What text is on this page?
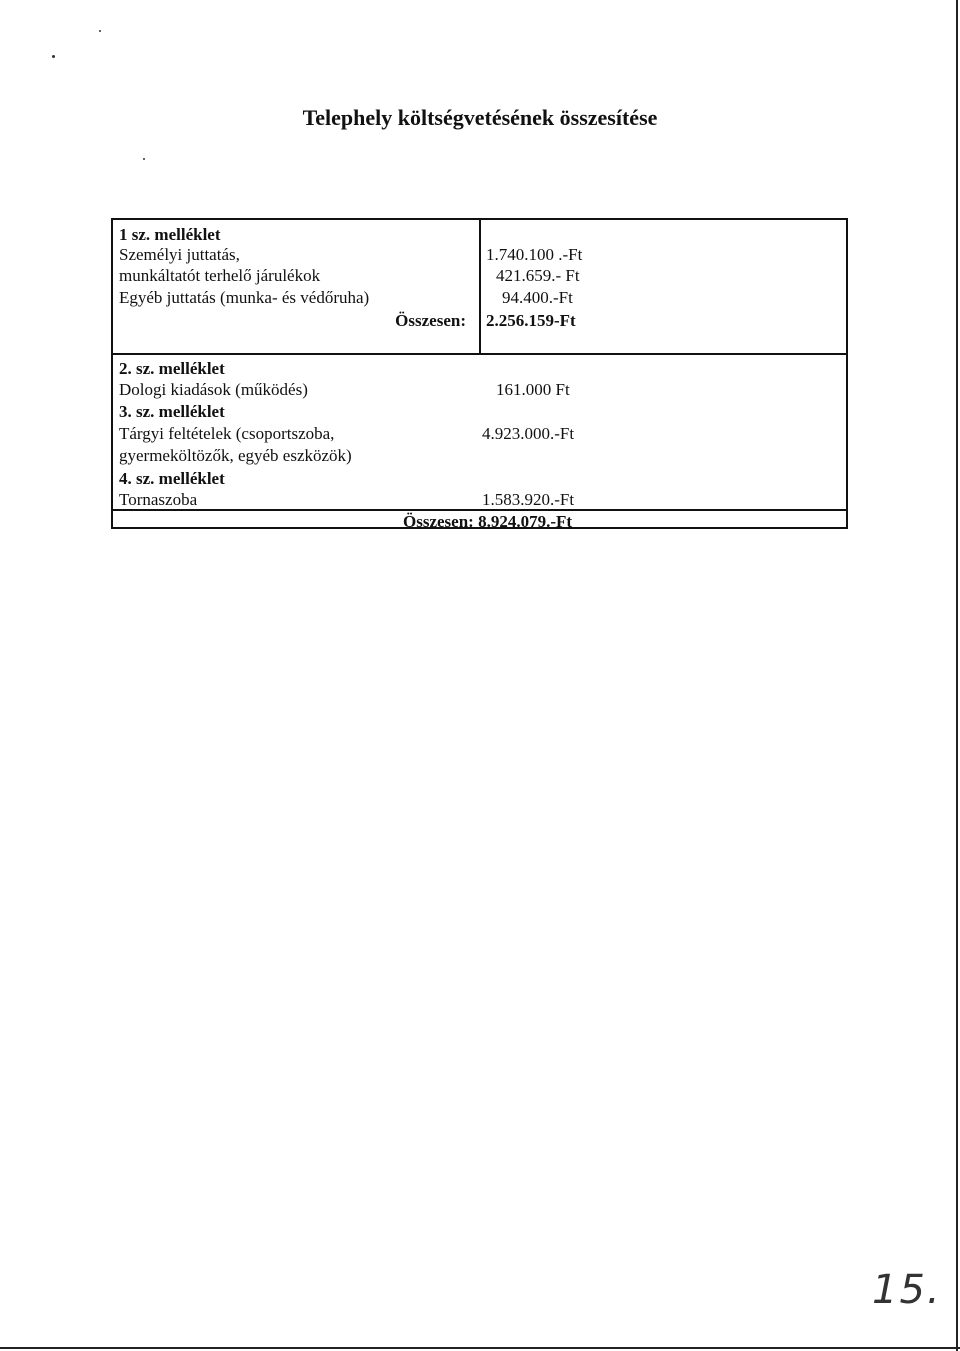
Telephely költségvetésének összesítése
1 sz. melléklet
Személyi juttatás,	1.740.100 .-Ft
munkáltatót terhelő járulékok	421.659.- Ft
Egyéb juttatás (munka- és védőruha)	94.400.-Ft
Összesen: 2.256.159-Ft
2. sz. melléklet
Dologi kiadások (működés)	161.000 Ft
3. sz. melléklet
Tárgyi feltételek (csoportszoba,	4.923.000.-Ft
gyermeköltözők, egyéb eszközök)
4. sz. melléklet
Tornaszoba	1.583.920.-Ft
Összesen: 8.924.079.-Ft
15.
